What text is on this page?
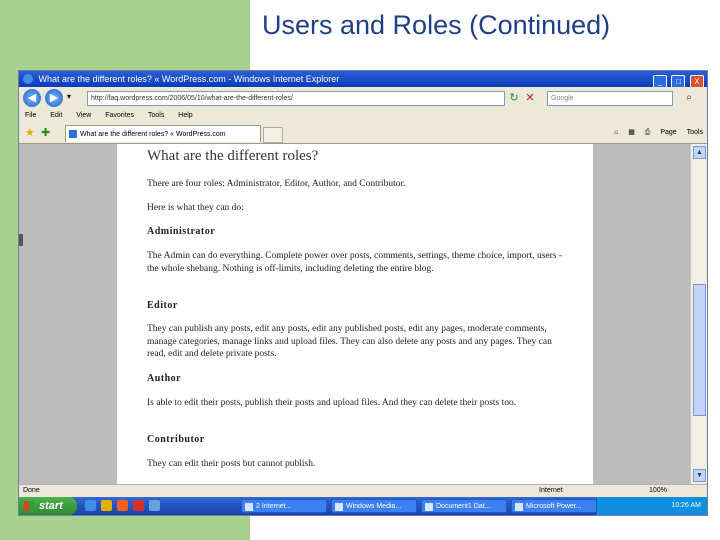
Users and Roles (Continued)
What are the different roles? « WordPress.com - Windows Internet Explorer	_ □ X
◀	▶	▾	http://faq.wordpress.com/2006/05/10/what-are-the-different-roles/	↻ ✕	Google	⌕
File Edit View Favorites Tools Help
★ ✚	What are the different roles? « WordPress.com	⌂ ▦ ⎙ Page Tools
What are the different roles?

There are four roles: Administrator, Editor, Author, and Contributor.

Here is what they can do:

Administrator

The Admin can do everything. Complete power over posts, comments, settings, theme choice, import, users - the whole shebang. Nothing is off-limits, including deleting the entire blog.

Editor

They can publish any posts, edit any posts, edit any published posts, edit any pages, moderate comments, manage categories, manage links and upload files. They can also delete any posts and any pages. They can read, edit and delete private posts.

Author

Is able to edit their posts, publish their posts and upload files. And they can delete their posts too.

Contributor

They can edit their posts but cannot publish.

▲
▼
Done	Internet	100%
start	2 Internet...	Windows Media...	Document1 Dat...	Microsoft Power...	10:26 AM
